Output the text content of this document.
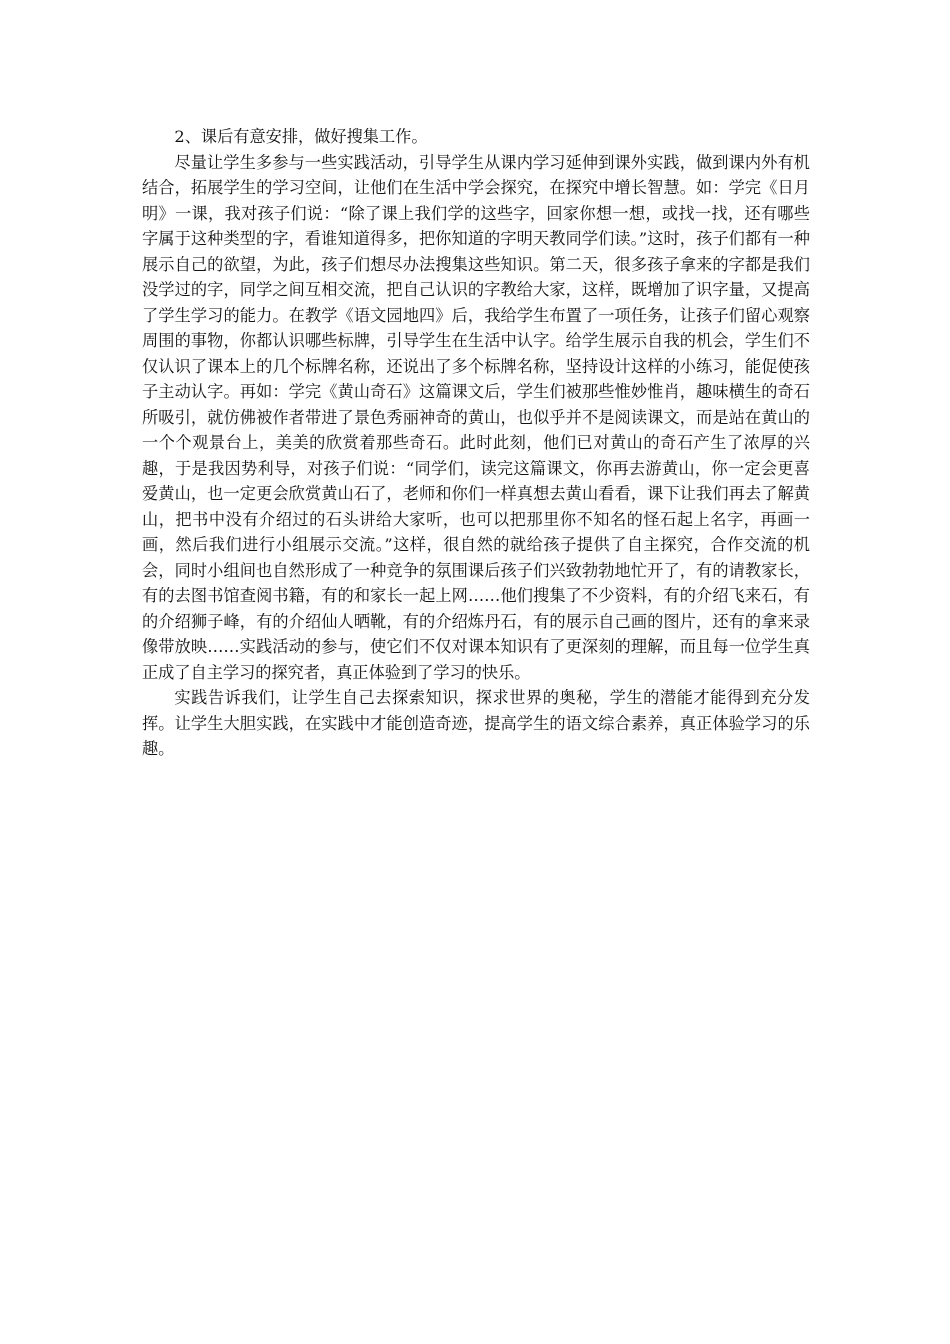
2、课后有意安排，做好搜集工作。

尽量让学生多参与一些实践活动，引导学生从课内学习延伸到课外实践，做到课内外有机结合，拓展学生的学习空间，让他们在生活中学会探究，在探究中增长智慧。如：学完《日月明》一课，我对孩子们说：“除了课上我们学的这些字，回家你想一想，或找一找，还有哪些字属于这种类型的字，看谁知道得多，把你知道的字明天教同学们读。”这时，孩子们都有一种展示自己的欲望，为此，孩子们想尽办法搜集这些知识。第二天，很多孩子拿来的字都是我们没学过的字，同学之间互相交流，把自己认识的字教给大家，这样，既增加了识字量，又提高了学生学习的能力。在教学《语文园地四》后，我给学生布置了一项任务，让孩子们留心观察周围的事物，你都认识哪些标牌，引导学生在生活中认字。给学生展示自我的机会，学生们不仅认识了课本上的几个标牌名称，还说出了多个标牌名称，坚持设计这样的小练习，能促使孩子主动认字。再如：学完《黄山奇石》这篇课文后，学生们被那些惟妙惟肖，趣味横生的奇石所吸引，就仿佛被作者带进了景色秀丽神奇的黄山，也似乎并不是阅读课文，而是站在黄山的一个个观景台上，美美的欣赏着那些奇石。此时此刻，他们已对黄山的奇石产生了浓厚的兴趣，于是我因势利导，对孩子们说：“同学们，读完这篇课文，你再去游黄山，你一定会更喜爱黄山，也一定更会欣赏黄山石了，老师和你们一样真想去黄山看看，课下让我们再去了解黄山，把书中没有介绍过的石头讲给大家听，也可以把那里你不知名的怪石起上名字，再画一画，然后我们进行小组展示交流。”这样，很自然的就给孩子提供了自主探究，合作交流的机会，同时小组间也自然形成了一种竞争的氛围课后孩子们兴致勃勃地忙开了，有的请教家长，有的去图书馆查阅书籍，有的和家长一起上网……他们搜集了不少资料，有的介绍飞来石，有的介绍狮子峰，有的介绍仙人晒靴，有的介绍炼丹石，有的展示自己画的图片，还有的拿来录像带放映……实践活动的参与，使它们不仅对课本知识有了更深刻的理解，而且每一位学生真正成了自主学习的探究者，真正体验到了学习的快乐。

实践告诉我们，让学生自己去探索知识，探求世界的奥秘，学生的潜能才能得到充分发挥。让学生大胆实践，在实践中才能创造奇迹，提高学生的语文综合素养，真正体验学习的乐趣。
